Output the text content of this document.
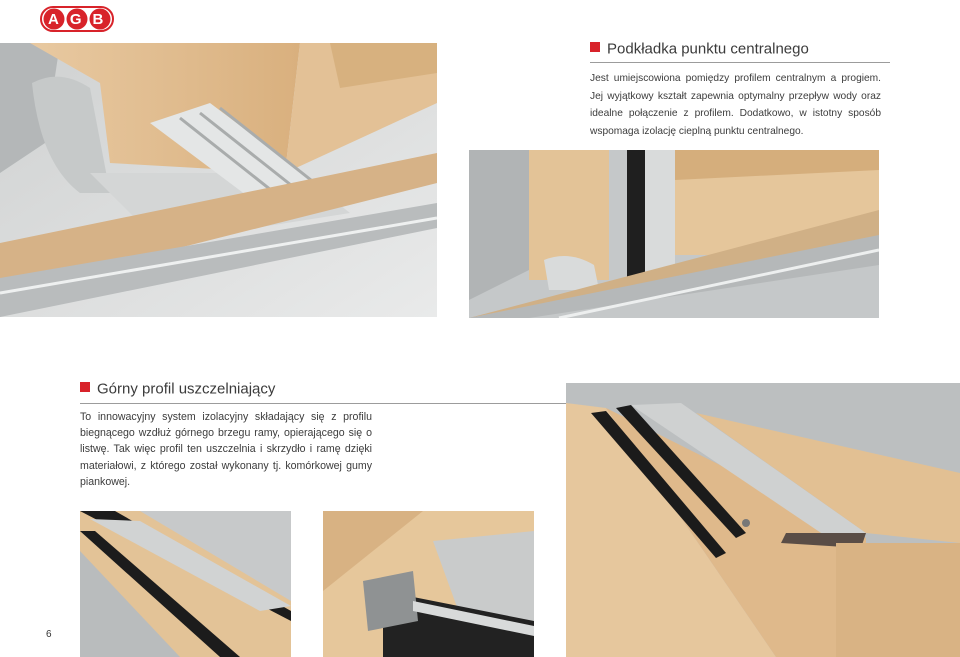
AGB
Podkładka punktu centralnego
Jest umiejscowiona pomiędzy profilem centralnym a progiem. Jej wyjątkowy kształt zapewnia optymalny przepływ wody oraz idealne połączenie z profilem. Dodatkowo, w istotny sposób wspomaga izolację cieplną punktu centralnego.
Górny profil uszczelniający
To innowacyjny system izolacyjny składający się z profilu biegnącego wzdłuż górnego brzegu ramy, opierającego się o listwę. Tak więc profil ten uszczelnia i skrzydło i ramę dzięki materiałowi, z którego został wykonany tj. komórkowej gumy piankowej.
6
